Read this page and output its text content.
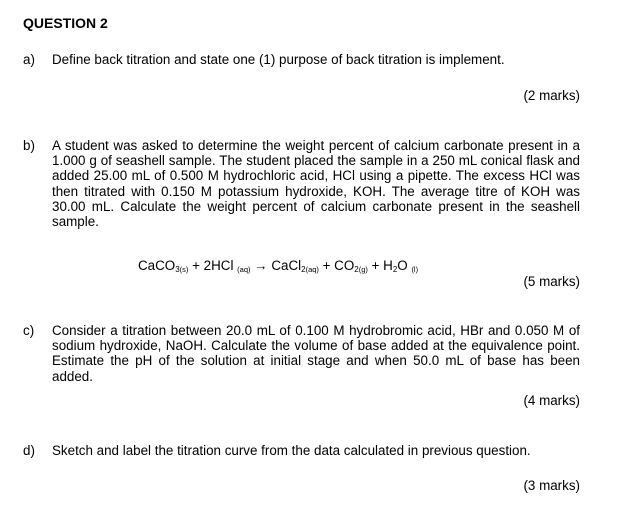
QUESTION 2
a) Define back titration and state one (1) purpose of back titration is implement.
(2 marks)
b) A student was asked to determine the weight percent of calcium carbonate present in a 1.000 g of seashell sample. The student placed the sample in a 250 mL conical flask and added 25.00 mL of 0.500 M hydrochloric acid, HCl using a pipette. The excess HCl was then titrated with 0.150 M potassium hydroxide, KOH. The average titre of KOH was 30.00 mL. Calculate the weight percent of calcium carbonate present in the seashell sample.
CaCO$_3$(s) + 2HCl (aq) → CaCl$_2$(aq) + $CO_2(g) + H_2O$ (l)
(5 marks)
c) Consider a titration between 20.0 mL of 0.100 M hydrobromic acid, HBr and 0.050 M of sodium hydroxide, NaOH. Calculate the volume of base added at the equivalence point. Estimate the pH of the solution at initial stage and when 50.0 mL of base has been added.
(4 marks)
d) Sketch and label the titration curve from the data calculated in previous question.
(3 marks)
